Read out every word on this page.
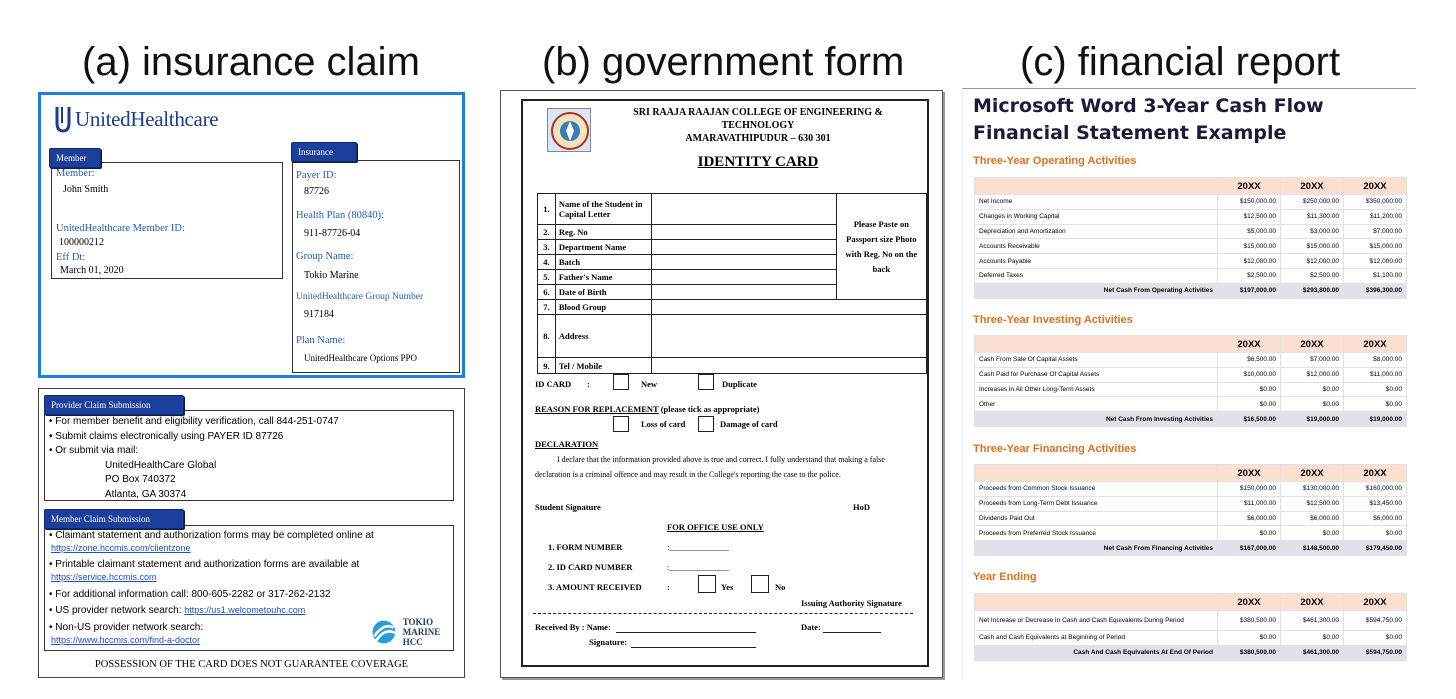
(a) insurance claim	(b) government form	(c) financial report
UnitedHealthcare
Member
Member:
John Smith
UnitedHealthcare Member ID:
100000212
Eff Dt:
March 01, 2020
Insurance
Payer ID:
87726
Health Plan (80840):
911-87726-04
Group Name:
Tokio Marine
UnitedHealthcare Group Number
917184
Plan Name:
UnitedHealthcare Options PPO
Provider Claim Submission
• For member benefit and eligibility verification, call 844-251-0747
• Submit claims electronically using PAYER ID 87726
• Or submit via mail:
UnitedHealthCare Global
PO Box 740372
Atlanta, GA 30374
Member Claim Submission
• Claimant statement and authorization forms may be completed online at
https://zone.hccmis.com/clientzone
• Printable claimant statement and authorization forms are available at
https://service.hccmis.com
• For additional information call: 800-605-2282 or 317-262-2132
• US provider network search: https://us1.welcometouhc.com
• Non-US provider network search:
https://www.hccmis.com/find-a-doctor
TOKIO MARINE
HCC
POSSESSION OF THE CARD DOES NOT GUARANTEE COVERAGE
SRI RAAJA RAAJAN COLLEGE OF ENGINEERING &
TECHNOLOGY
AMARAVATHIPUDUR – 630 301
IDENTITY CARD
1.	Name of the Student in Capital Letter		Please Paste on Passport size Photo with Reg. No on the back
2.	Reg. No		
3.	Department Name		
4.	Batch		
5.	Father's Name		
6.	Date of Birth		
7.	Blood Group		
8.	Address		
9.	Tel / Mobile		
ID CARD :	New	Duplicate
REASON FOR REPLACEMENT (please tick as appropriate)
Loss of card	Damage of card
DECLARATION
I declare that the information provided above is true and correct. I fully understand that making a false
declaration is a criminal offence and may result in the College's reporting the case to the police.
Student Signature	HoD
FOR OFFICE USE ONLY
1. FORM NUMBER	:______________
2. ID CARD NUMBER	:______________
3. AMOUNT RECEIVED	:	Yes	No
Issuing Authority Signature
Received By : Name:	Date:
Signature:
Microsoft Word 3-Year Cash Flow
Financial Statement Example
Three-Year Operating Activities
	20XX	20XX	20XX
Net Income	$150,000.00	$250,000.00	$350,000.00
Changes in Working Capital	$12,500.00	$11,300.00	$11,200.00
Depreciation and Amortization	$5,000.00	$3,000.00	$7,000.00
Accounts Receivable	$15,000.00	$15,000.00	$15,000.00
Accounts Payable	$12,000.00	$12,000.00	$12,000.00
Deferred Taxes	$2,500.00	$2,500.00	$1,100.00
Net Cash From Operating Activities	$197,000.00	$293,800.00	$396,300.00
Three-Year Investing Activities
	20XX	20XX	20XX
Cash From Sale Of Capital Assets	$6,500.00	$7,000.00	$8,000.00
Cash Paid for Purchase Of Capital Assets	$10,000.00	$12,000.00	$11,000.00
Increases in All Other Long-Term Assets	$0.00	$0.00	$0.00
Other	$0.00	$0.00	$0.00
Net Cash From Investing Activities	$16,500.00	$19,000.00	$19,000.00
Three-Year Financing Activities
	20XX	20XX	20XX
Proceeds from Common Stock Issuance	$150,000.00	$130,000.00	$160,000.00
Proceeds from Long-Term Debt Issuance	$11,000.00	$12,500.00	$13,450.00
Dividends Paid Out	$6,000.00	$6,000.00	$6,000.00
Proceeds from Preferred Stock Issuance	$0.00	$0.00	$0.00
Net Cash From Financing Activities	$167,000.00	$148,500.00	$179,450.00
Year Ending
	20XX	20XX	20XX
Net Increase or Decrease In Cash and Cash Equivalents During Period	$380,500.00	$461,300.00	$594,750.00
Cash and Cash Equivalents at Beginning of Period	$0.00	$0.00	$0.00
Cash And Cash Equivalents At End Of Period	$380,500.00	$461,300.00	$594,750.00
